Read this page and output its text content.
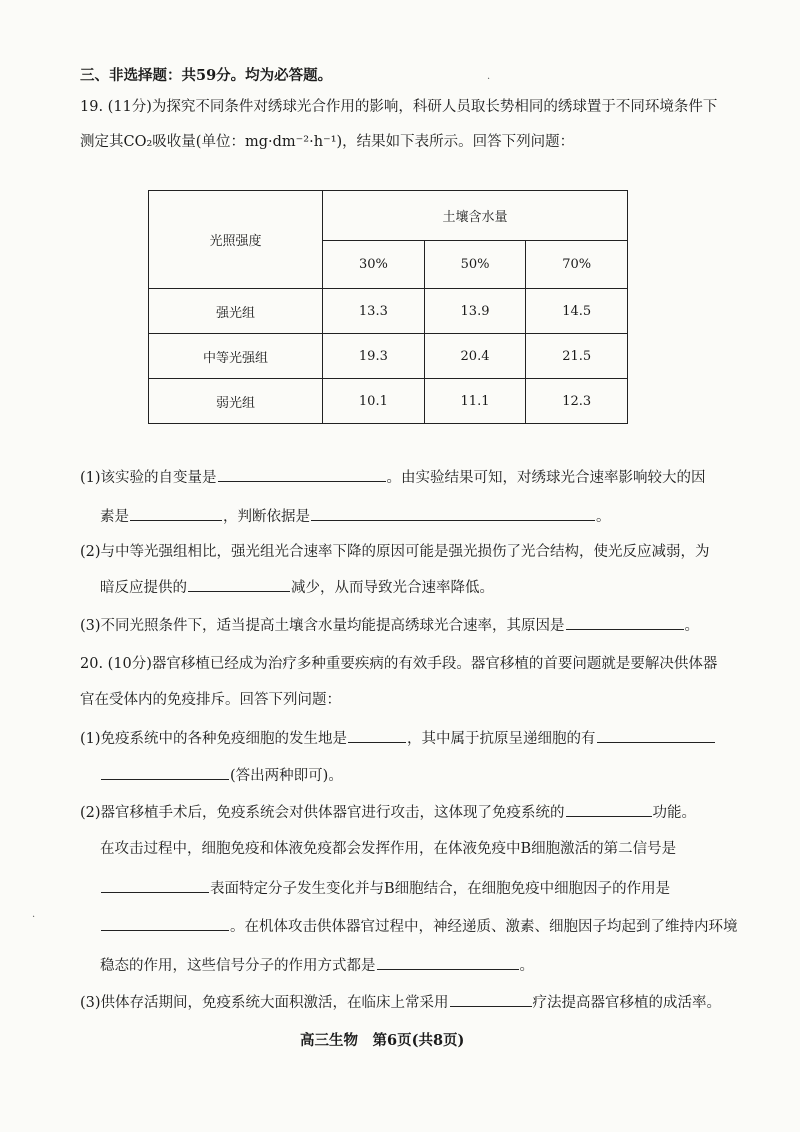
三、非选择题：共59分。均为必答题。
19. (11分)为探究不同条件对绣球光合作用的影响，科研人员取长势相同的绣球置于不同环境条件下
测定其CO₂吸收量(单位：mg·dm⁻²·h⁻¹)，结果如下表所示。回答下列问题：
光照强度	土壤含水量		
	30%	50%	70%
强光组	13.3	13.9	14.5
中等光强组	19.3	20.4	21.5
弱光组	10.1	11.1	12.3
(1)该实验的自变量是	。由实验结果可知，对绣球光合速率影响较大的因
素是	，判断依据是	。
(2)与中等光强组相比，强光组光合速率下降的原因可能是强光损伤了光合结构，使光反应减弱，为
暗反应提供的	减少，从而导致光合速率降低。
(3)不同光照条件下，适当提高土壤含水量均能提高绣球光合速率，其原因是	。
20. (10分)器官移植已经成为治疗多种重要疾病的有效手段。器官移植的首要问题就是要解决供体器
官在受体内的免疫排斥。回答下列问题：
(1)免疫系统中的各种免疫细胞的发生地是	，其中属于抗原呈递细胞的有
(答出两种即可)。
(2)器官移植手术后，免疫系统会对供体器官进行攻击，这体现了免疫系统的	功能。
在攻击过程中，细胞免疫和体液免疫都会发挥作用，在体液免疫中B细胞激活的第二信号是
表面特定分子发生变化并与B细胞结合，在细胞免疫中细胞因子的作用是
。在机体攻击供体器官过程中，神经递质、激素、细胞因子均起到了维持内环境
稳态的作用，这些信号分子的作用方式都是	。
(3)供体存活期间，免疫系统大面积激活，在临床上常采用	疗法提高器官移植的成活率。
高三生物　第6页(共8页)
·
·
